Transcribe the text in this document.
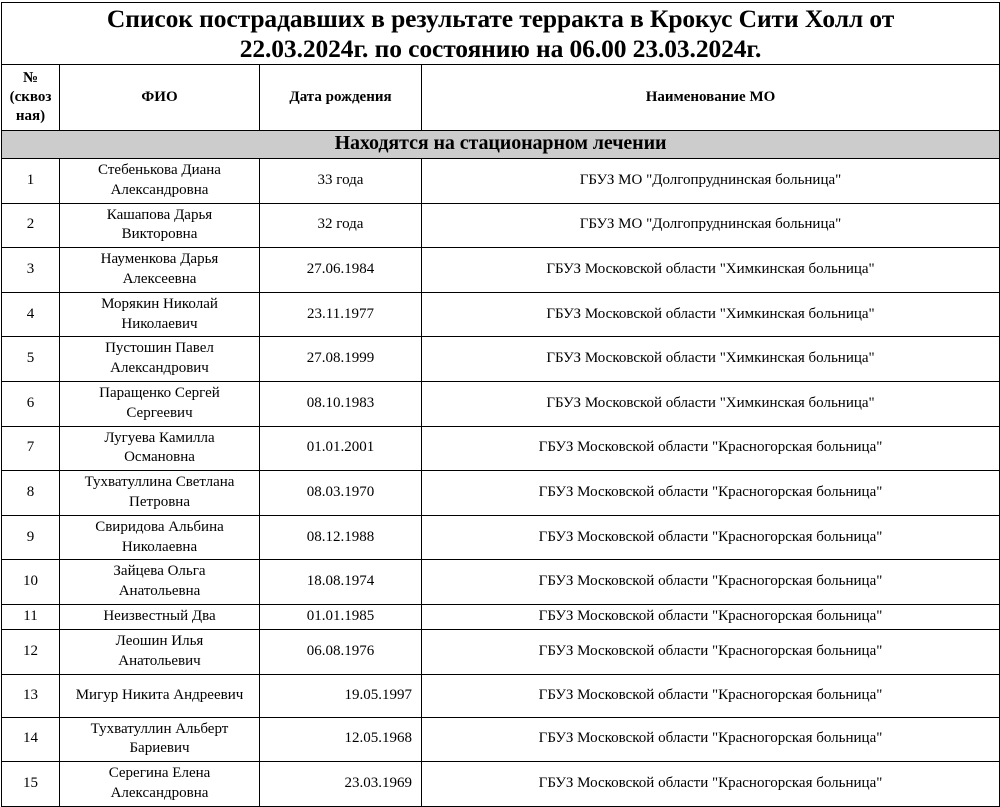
Список пострадавших в результате терракта в Крокус Сити Холл от
22.03.2024г. по состоянию на 06.00 23.03.2024г.			

№
(сквоз
ная)	ФИО	Дата рождения	Наименование МО
Находятся на стационарном лечении			
1	Стебенькова Диана
Александровна	33 года	ГБУЗ МО "Долгопруднинская больница"
2	Кашапова Дарья
Викторовна	32 года	ГБУЗ МО "Долгопруднинская больница"
3	Науменкова Дарья
Алексеевна	27.06.1984	ГБУЗ Московской области "Химкинская больница"
4	Морякин Николай
Николаевич	23.11.1977	ГБУЗ Московской области "Химкинская больница"
5	Пустошин Павел
Александрович	27.08.1999	ГБУЗ Московской области "Химкинская больница"
6	Паращенко Сергей
Сергеевич	08.10.1983	ГБУЗ Московской области "Химкинская больница"
7	Лугуева Камилла
Османовна	01.01.2001	ГБУЗ Московской области "Красногорская больница"
8	Тухватуллина Светлана
Петровна	08.03.1970	ГБУЗ Московской области "Красногорская больница"
9	Свиридова Альбина
Николаевна	08.12.1988	ГБУЗ Московской области "Красногорская больница"
10	Зайцева Ольга
Анатольевна	18.08.1974	ГБУЗ Московской области "Красногорская больница"
11	Неизвестный Два	01.01.1985	ГБУЗ Московской области "Красногорская больница"
12	Леошин Илья
Анатольевич	06.08.1976	ГБУЗ Московской области "Красногорская больница"
13	Мигур Никита Андреевич	19.05.1997	ГБУЗ Московской области "Красногорская больница"
14	Тухватуллин Альберт
Бариевич	12.05.1968	ГБУЗ Московской области "Красногорская больница"
15	Серегина Елена
Александровна	23.03.1969	ГБУЗ Московской области "Красногорская больница"
